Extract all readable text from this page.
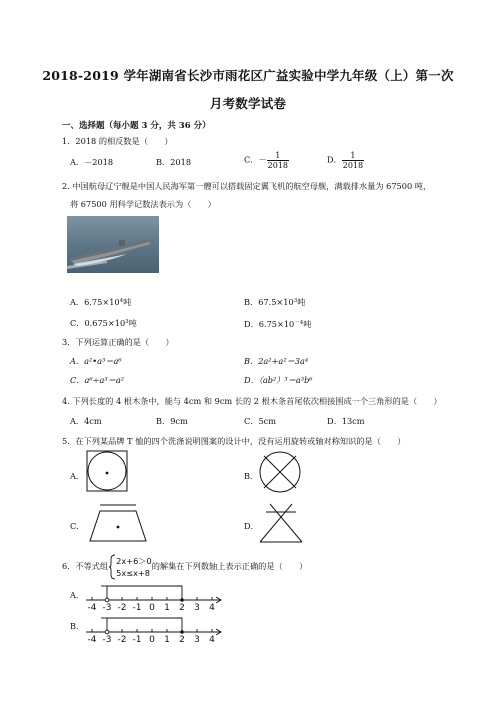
2018-2019 学年湖南省长沙市雨花区广益实验中学九年级（上）第一次
月考数学试卷
一、选择题（每小题 3 分，共 36 分）
1．2018 的相反数是（　　）
A．－2018	B．2018	C．－ $\frac{1}{2018}$	D． $\frac{1}{2018}$
2. 中国航母辽宁舰是中国人民海军第一艘可以搭载固定翼飞机的航空母舰，满载排水量为 67500 吨，
将 67500 用科学记数法表示为（　　）
A．$6.75\times 10^4$吨	B．$67.5\times 10^3$吨
C．$0.675\times 10^3$吨	D．$6.75\times 10^{-4}$吨
3．下列运算正确的是（　　）
A．a²•a³＝a⁶	B．2a²+a²＝3a⁴
C．a⁶÷a³＝a²	D．（ab²）³＝a³b⁶
4. 下列长度的 4 根木条中，能与 4cm 和 9cm 长的 2 根木条首尾依次相接围成一个三角形的是（　　）
A．4cm	B．9cm	C．5cm	D．13cm
5．在下列某品牌 T 恤的四个洗涤说明图案的设计中，没有运用旋转或轴对称知识的是（　　）
A．	B．
C．	D．
6．不等式组 2x+6＞0
5x≤x+8
的解集在下列数轴上表示正确的是（　　）
A．
-4 -3 -2 -1 0 1 2 3 4
B．
-4 -3 -2 -1 0 1 2 3 4
